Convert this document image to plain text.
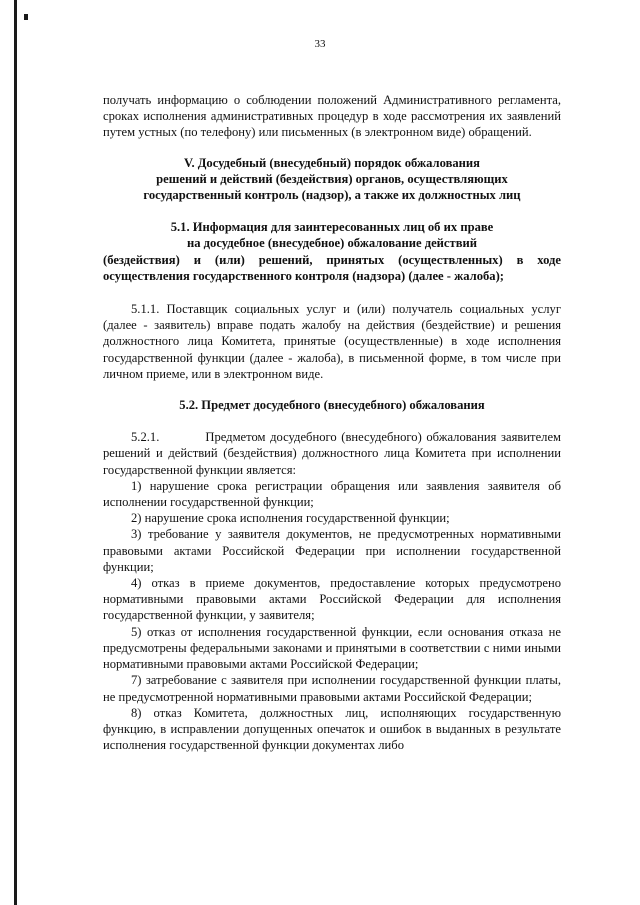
33

получать информацию о соблюдении положений Административного регламента, сроках исполнения административных процедур в ходе рассмотрения их заявлений путем устных (по телефону) или письменных (в электронном виде) обращений.

V. Досудебный (внесудебный) порядок обжалования
решений и действий (бездействия) органов, осуществляющих
государственный контроль (надзор), а также их должностных лиц
5.1. Информация для заинтересованных лиц об их праве
на досудебное (внесудебное) обжалование действий

(бездействия) и (или) решений, принятых (осуществленных) в ходе осуществления государственного контроля (надзора) (далее - жалоба);

5.1.1. Поставщик социальных услуг и (или) получатель социальных услуг (далее - заявитель) вправе подать жалобу на действия (бездействие) и решения должностного лица Комитета, принятые (осуществленные) в ходе исполнения государственной функции (далее - жалоба), в письменной форме, в том числе при личном приеме, или в электронном виде.

5.2. Предмет досудебного (внесудебного) обжалования

5.2.1.	Предметом досудебного (внесудебного) обжалования заявителем решений и действий (бездействия) должностного лица Комитета при исполнении государственной функции является:

1) нарушение срока регистрации обращения или заявления заявителя об исполнении государственной функции;

2) нарушение срока исполнения государственной функции;

3) требование у заявителя документов, не предусмотренных нормативными правовыми актами Российской Федерации при исполнении государственной функции;

4) отказ в приеме документов, предоставление которых предусмотрено нормативными правовыми актами Российской Федерации для исполнения государственной функции, у заявителя;

5) отказ от исполнения государственной функции, если основания отказа не предусмотрены федеральными законами и принятыми в соответствии с ними иными нормативными правовыми актами Российской Федерации;

7) затребование с заявителя при исполнении государственной функции платы, не предусмотренной нормативными правовыми актами Российской Федерации;

8) отказ Комитета, должностных лиц, исполняющих государственную функцию, в исправлении допущенных опечаток и ошибок в выданных в результате исполнения государственной функции документах либо
